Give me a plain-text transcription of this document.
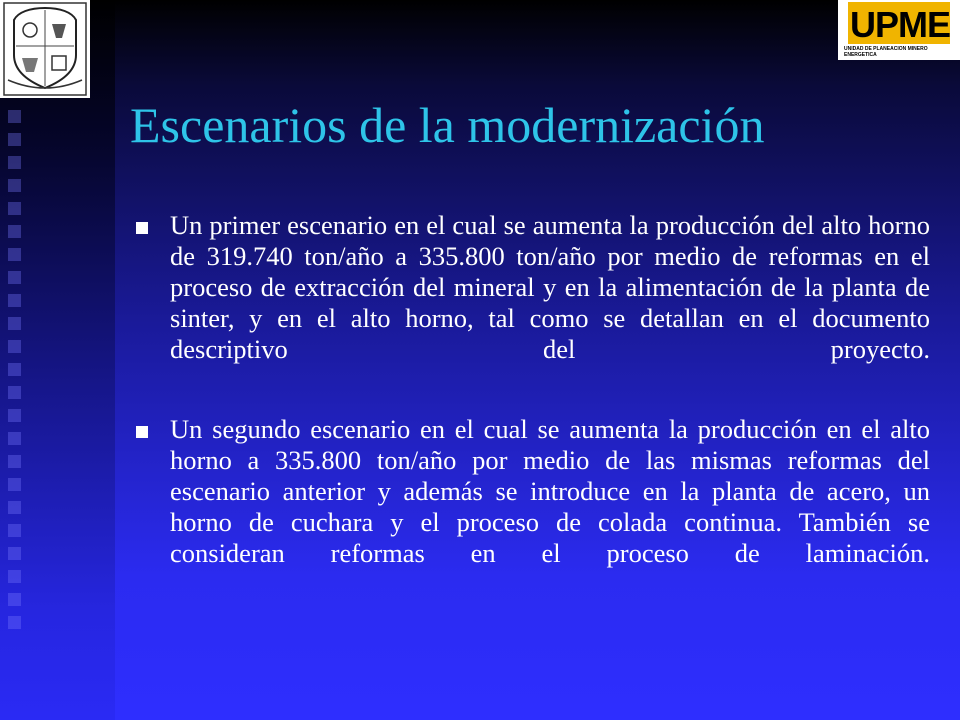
UPME
UNIDAD DE PLANEACION MINERO ENERGETICA
Escenarios de la modernización
Un primer escenario en el cual se aumenta la producción del alto horno de 319.740 ton/año a 335.800 ton/año por medio de reformas en el proceso de extracción del mineral y en la alimentación de la planta de sinter, y en el alto horno, tal como se detallan en el documento descriptivo del proyecto.
Un segundo escenario en el cual se aumenta la producción en el alto horno a 335.800 ton/año por medio de las mismas reformas del escenario anterior y además se introduce en la planta de acero, un horno de cuchara y el proceso de colada continua. También se consideran reformas en el proceso de laminación.
